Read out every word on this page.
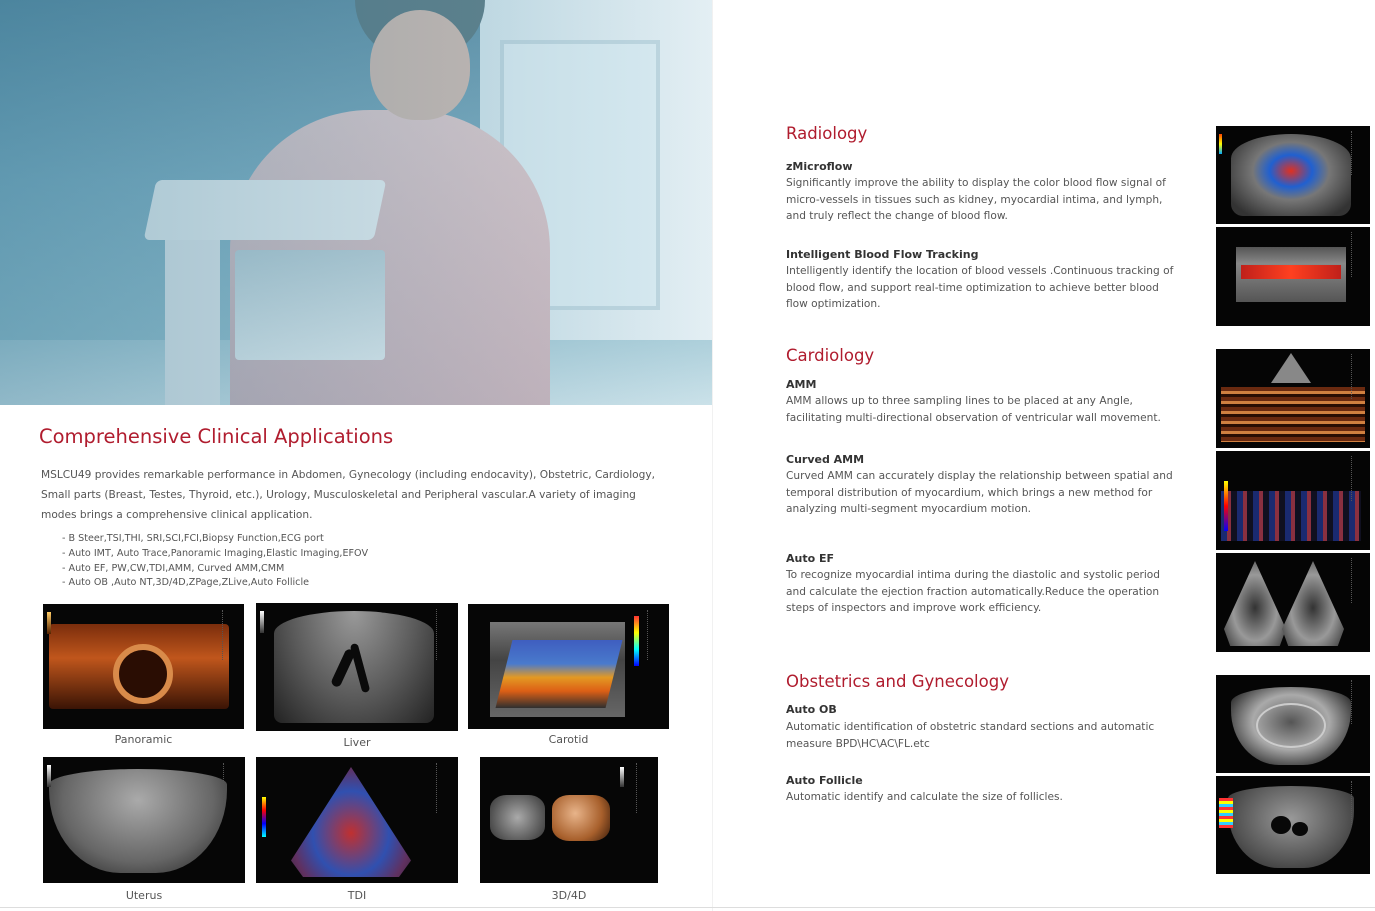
Comprehensive Clinical Applications

MSLCU49 provides remarkable performance in Abdomen, Gynecology (including endocavity), Obstetric, Cardiology, Small parts (Breast, Testes, Thyroid, etc.), Urology, Musculoskeletal and Peripheral vascular.A variety of imaging modes brings a comprehensive clinical application.

- B Steer,TSI,THI, SRI,SCI,FCI,Biopsy Function,ECG port
- Auto IMT, Auto Trace,Panoramic Imaging,Elastic Imaging,EFOV
- Auto EF, PW,CW,TDI,AMM, Curved AMM,CMM
- Auto OB ,Auto NT,3D/4D,ZPage,ZLive,Auto Follicle
Panoramic	Liver	Carotid
Uterus	TDI	3D/4D
Radiology
zMicroflow

Significantly improve the ability to display the color blood flow signal of micro-vessels in tissues such as kidney, myocardial intima, and lymph, and truly reflect the change of blood flow.

Intelligent Blood Flow Tracking

Intelligently identify the location of blood vessels .Continuous tracking of blood flow, and support real-time optimization to achieve better blood flow optimization.

Cardiology
AMM

AMM allows up to three sampling lines to be placed at any Angle, facilitating multi-directional observation of ventricular wall movement.

Curved AMM

Curved AMM can accurately display the relationship between spatial and temporal distribution of myocardium, which brings a new method for analyzing multi-segment myocardium motion.

Auto EF

To recognize myocardial intima during the diastolic and systolic period and calculate the ejection fraction automatically.Reduce the operation steps of inspectors and improve work efficiency.

Obstetrics and Gynecology
Auto OB

Automatic identification of obstetric standard sections and automatic measure BPD\HC\AC\FL.etc

Auto Follicle

Automatic identify and calculate the size of follicles.
